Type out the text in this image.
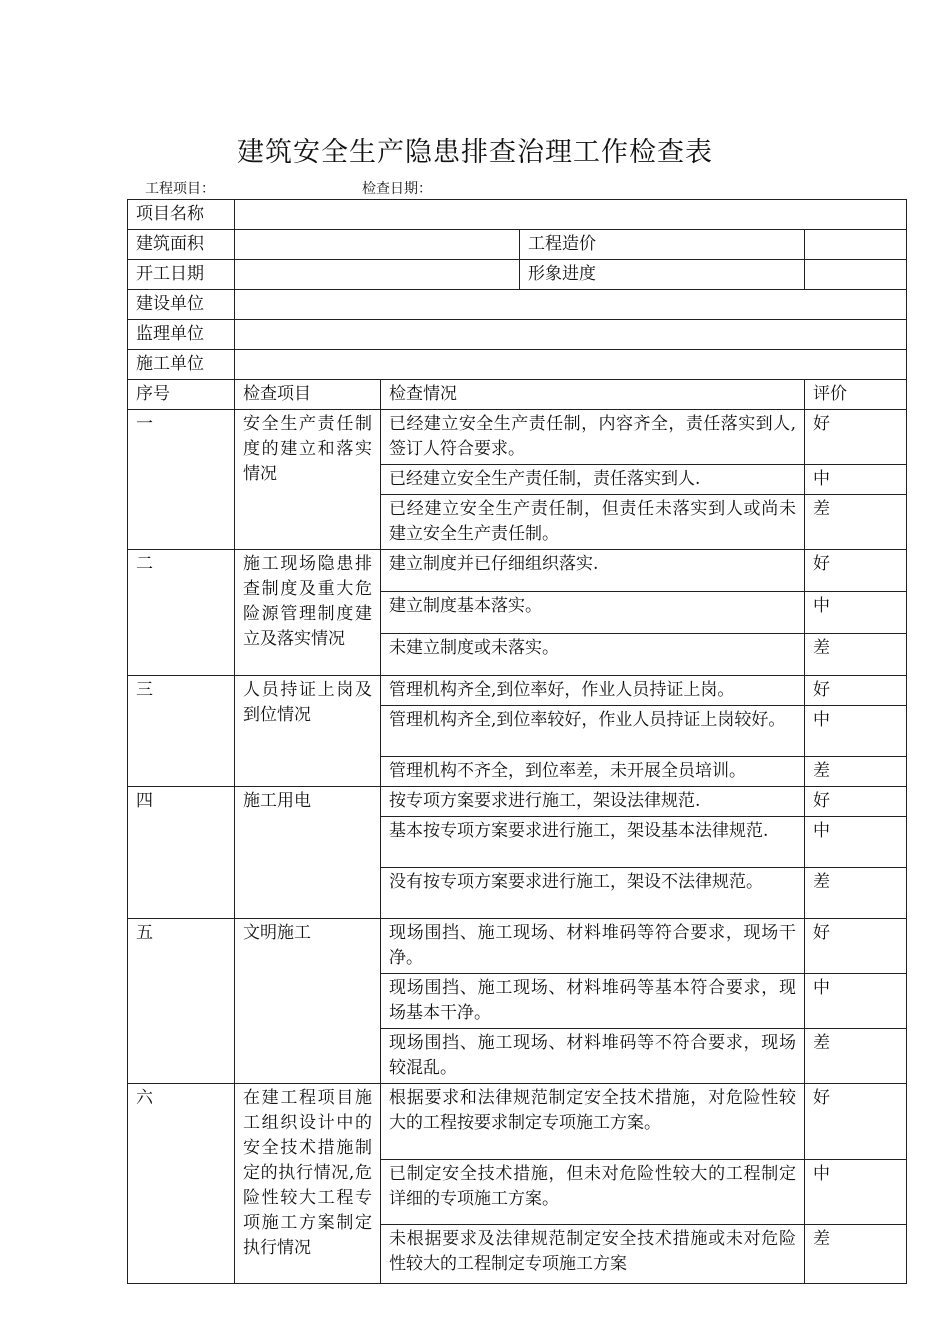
建筑安全生产隐患排查治理工作检查表
工程项目：	检查日期：
项目名称				
建筑面积			工程造价	
开工日期			形象进度	
建设单位				
监理单位				
施工单位				
序号	检查项目	检查情况		评价
一	安全生产责任制度的建立和落实情况	已经建立安全生产责任制，内容齐全，责任落实到人,签订人符合要求。		好
		已经建立安全生产责任制，责任落实到人.		中
		已经建立安全生产责任制，但责任未落实到人或尚未建立安全生产责任制。		差
二	施工现场隐患排查制度及重大危险源管理制度建立及落实情况	建立制度并已仔细组织落实.		好
		建立制度基本落实。		中
		未建立制度或未落实。		差
三	人员持证上岗及到位情况	管理机构齐全,到位率好，作业人员持证上岗。		好
		管理机构齐全,到位率较好，作业人员持证上岗较好。		中
		管理机构不齐全，到位率差，未开展全员培训。		差
四	施工用电	按专项方案要求进行施工，架设法律规范.		好
		基本按专项方案要求进行施工，架设基本法律规范.		中
		没有按专项方案要求进行施工，架设不法律规范。		差
五	文明施工	现场围挡、施工现场、材料堆码等符合要求，现场干净。		好
		现场围挡、施工现场、材料堆码等基本符合要求，现场基本干净。		中
		现场围挡、施工现场、材料堆码等不符合要求，现场较混乱。		差
六	在建工程项目施工组织设计中的安全技术措施制定的执行情况,危险性较大工程专项施工方案制定执行情况	根据要求和法律规范制定安全技术措施，对危险性较大的工程按要求制定专项施工方案。		好
		已制定安全技术措施，但未对危险性较大的工程制定详细的专项施工方案。		中
		未根据要求及法律规范制定安全技术措施或未对危险性较大的工程制定专项施工方案		差
